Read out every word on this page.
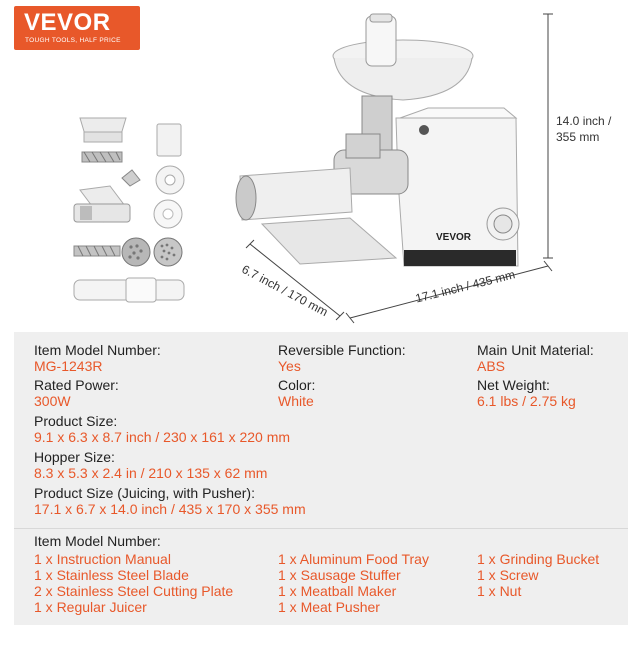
VEVOR
TOUGH TOOLS, HALF PRICE
VEVOR
14.0 inch /
355 mm
6.7 inch / 170 mm	17.1 inch / 435 mm
Item Model Number:
MG-1243R
Reversible Function:
Yes
Main Unit Material:
ABS
Rated Power:
300W
Color:
White
Net Weight:
6.1 lbs / 2.75 kg
Product Size:
9.1 x 6.3 x 8.7 inch / 230 x 161 x 220 mm
Hopper Size:
8.3 x 5.3 x 2.4 in / 210 x 135 x 62 mm
Product Size (Juicing, with Pusher):
17.1 x 6.7 x 14.0 inch / 435 x 170 x 355 mm
Item Model Number:
1 x Instruction Manual
1 x Stainless Steel Blade
2 x Stainless Steel Cutting Plate
1 x Regular Juicer
1 x Aluminum Food Tray
1 x Sausage Stuffer
1 x Meatball Maker
1 x Meat Pusher
1 x Grinding Bucket
1 x Screw
1 x Nut
